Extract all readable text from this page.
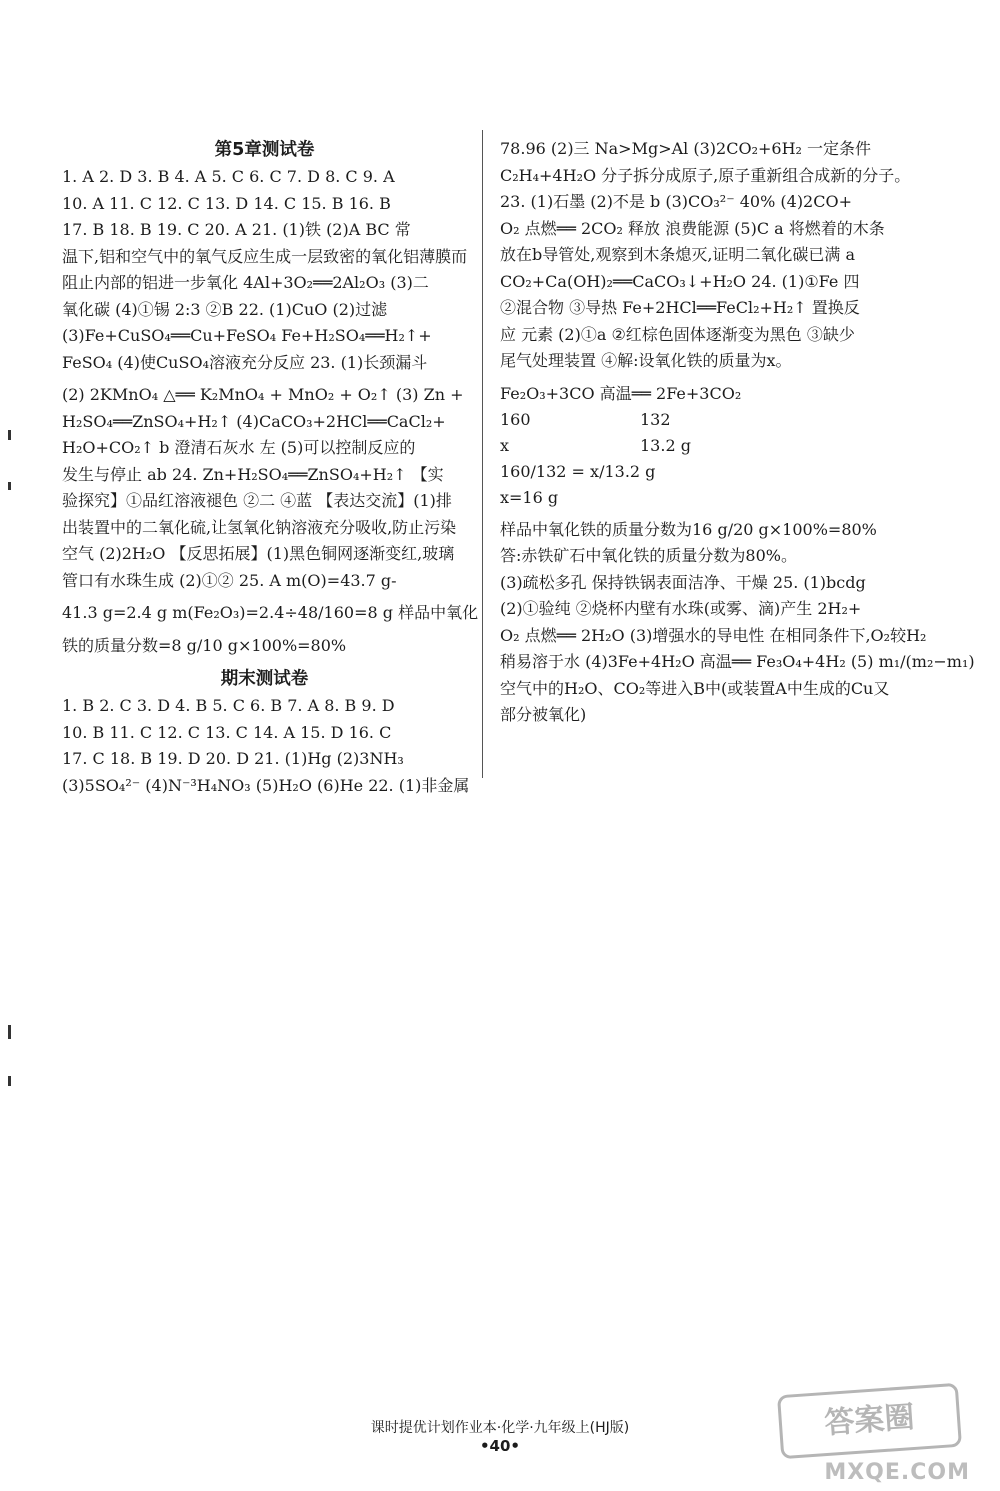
第5章测试卷
1. A 2. D 3. B 4. A 5. C 6. C 7. D 8. C 9. A
10. A 11. C 12. C 13. D 14. C 15. B 16. B
17. B 18. B 19. C 20. A 21. (1)铁 (2)A BC 常
温下,铝和空气中的氧气反应生成一层致密的氧化铝薄膜而
阻止内部的铝进一步氧化 4Al+3O₂══2Al₂O₃ (3)二
氧化碳 (4)①锡 2:3 ②B 22. (1)CuO (2)过滤
(3)Fe+CuSO₄══Cu+FeSO₄ Fe+H₂SO₄══H₂↑+
FeSO₄ (4)使CuSO₄溶液充分反应 23. (1)长颈漏斗
(2) 2KMnO₄ △══ K₂MnO₄ + MnO₂ + O₂↑ (3) Zn +
H₂SO₄══ZnSO₄+H₂↑ (4)CaCO₃+2HCl══CaCl₂+
H₂O+CO₂↑ b 澄清石灰水 左 (5)可以控制反应的
发生与停止 ab 24. Zn+H₂SO₄══ZnSO₄+H₂↑ 【实
验探究】①品红溶液褪色 ②二 ④蓝 【表达交流】(1)排
出装置中的二氧化硫,让氢氧化钠溶液充分吸收,防止污染
空气 (2)2H₂O 【反思拓展】(1)黑色铜网逐渐变红,玻璃
管口有水珠生成 (2)①② 25. A m(O)=43.7 g-
41.3 g=2.4 g m(Fe₂O₃)=2.4÷48/160=8 g 样品中氧化
铁的质量分数=8 g/10 g×100%=80%
期末测试卷
1. B 2. C 3. D 4. B 5. C 6. B 7. A 8. B 9. D
10. B 11. C 12. C 13. C 14. A 15. D 16. C
17. C 18. B 19. D 20. D 21. (1)Hg (2)3NH₃
(3)5SO₄²⁻ (4)N⁻³H₄NO₃ (5)H₂O (6)He 22. (1)非金属
78.96 (2)三 Na>Mg>Al (3)2CO₂+6H₂ 一定条件
C₂H₄+4H₂O 分子拆分成原子,原子重新组合成新的分子。
23. (1)石墨 (2)不是 b (3)CO₃²⁻ 40% (4)2CO+
O₂ 点燃══ 2CO₂ 释放 浪费能源 (5)C a 将燃着的木条
放在b导管处,观察到木条熄灭,证明二氧化碳已满 a
CO₂+Ca(OH)₂══CaCO₃↓+H₂O 24. (1)①Fe 四
②混合物 ③导热 Fe+2HCl══FeCl₂+H₂↑ 置换反
应 元素 (2)①a ②红棕色固体逐渐变为黑色 ③缺少
尾气处理装置 ④解:设氧化铁的质量为x。
Fe₂O₃+3CO 高温══ 2Fe+3CO₂
160	132
x	13.2 g
160/132 = x/13.2 g
x=16 g
样品中氧化铁的质量分数为16 g/20 g×100%=80%
答:赤铁矿石中氧化铁的质量分数为80%。
(3)疏松多孔 保持铁锅表面洁净、干燥 25. (1)bcdg
(2)①验纯 ②烧杯内壁有水珠(或雾、滴)产生 2H₂+
O₂ 点燃══ 2H₂O (3)增强水的导电性 在相同条件下,O₂较H₂
稍易溶于水 (4)3Fe+4H₂O 高温══ Fe₃O₄+4H₂ (5) m₁/(m₂−m₁)
空气中的H₂O、CO₂等进入B中(或装置A中生成的Cu又
部分被氧化)
课时提优计划作业本·化学·九年级上(HJ版)
•40•
答案圈
MXQE.COM
